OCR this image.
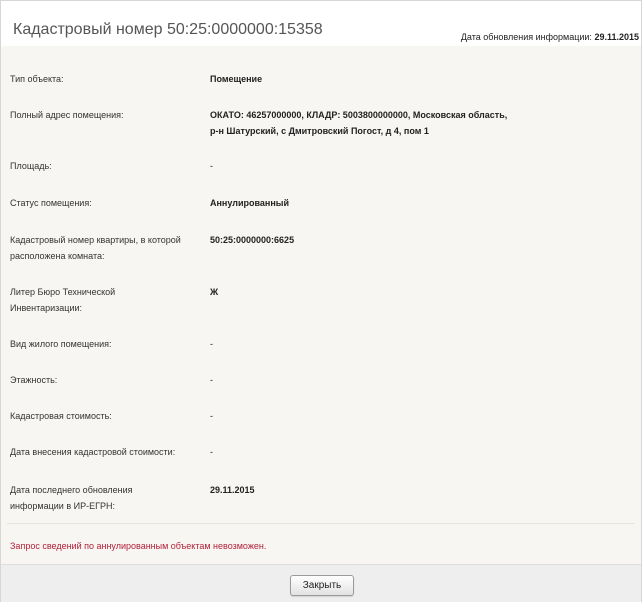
Кадастровый номер 50:25:0000000:15358	Дата обновления информации: 29.11.2015
Тип объекта:	Помещение
Полный адрес помещения:	ОКАТО: 46257000000, КЛАДР: 5003800000000, Московская область, р-н Шатурский, с Дмитровский Погост, д 4, пом 1
Площадь:	-
Статус помещения:	Аннулированный
Кадастровый номер квартиры, в которой расположена комната:
50:25:0000000:6625
Литер Бюро Технической Инвентаризации:
Ж
Вид жилого помещения:	-
Этажность:	-
Кадастровая стоимость:	-
Дата внесения кадастровой стоимости:	-
Дата последнего обновления информации в ИР-ЕГРН:
29.11.2015
Запрос сведений по аннулированным объектам невозможен.
Закрыть
